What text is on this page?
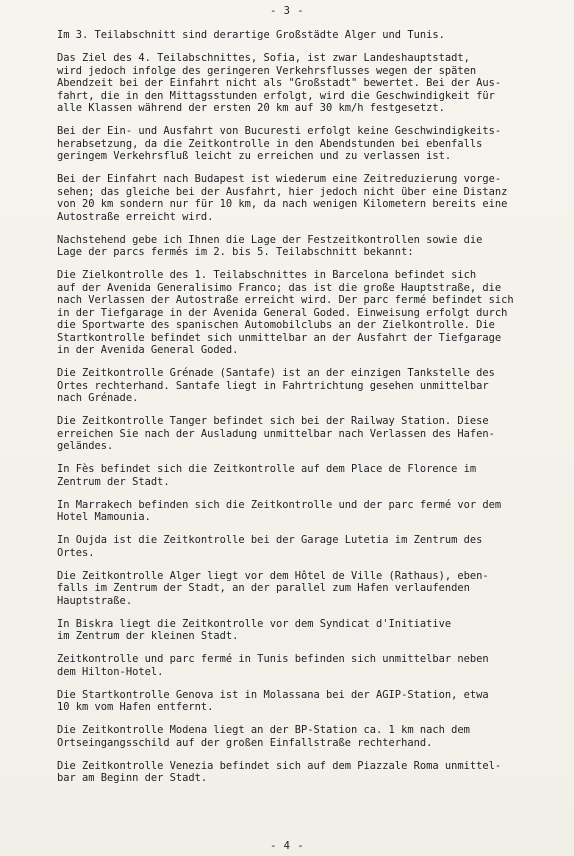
- 3 -

Im 3. Teilabschnitt sind derartige Großstädte Alger und Tunis.

Das Ziel des 4. Teilabschnittes, Sofia, ist zwar Landeshauptstadt,
wird jedoch infolge des geringeren Verkehrsflusses wegen der späten
Abendzeit bei der Einfahrt nicht als "Großstadt" bewertet. Bei der Aus-
fahrt, die in den Mittagsstunden erfolgt, wird die Geschwindigkeit für
alle Klassen während der ersten 20 km auf 30 km/h festgesetzt.

Bei der Ein- und Ausfahrt von Bucuresti erfolgt keine Geschwindigkeits-
herabsetzung, da die Zeitkontrolle in den Abendstunden bei ebenfalls
geringem Verkehrsfluß leicht zu erreichen und zu verlassen ist.

Bei der Einfahrt nach Budapest ist wiederum eine Zeitreduzierung vorge-
sehen; das gleiche bei der Ausfahrt, hier jedoch nicht über eine Distanz
von 20 km sondern nur für 10 km, da nach wenigen Kilometern bereits eine
Autostraße erreicht wird.

Nachstehend gebe ich Ihnen die Lage der Festzeitkontrollen sowie die
Lage der parcs fermés im 2. bis 5. Teilabschnitt bekannt:

Die Zielkontrolle des 1. Teilabschnittes in Barcelona befindet sich
auf der Avenida Generalisimo Franco; das ist die große Hauptstraße, die
nach Verlassen der Autostraße erreicht wird. Der parc fermé befindet sich
in der Tiefgarage in der Avenida General Goded. Einweisung erfolgt durch
die Sportwarte des spanischen Automobilclubs an der Zielkontrolle. Die
Startkontrolle befindet sich unmittelbar an der Ausfahrt der Tiefgarage
in der Avenida General Goded.

Die Zeitkontrolle Grénade (Santafe) ist an der einzigen Tankstelle des
Ortes rechterhand. Santafe liegt in Fahrtrichtung gesehen unmittelbar
nach Grénade.

Die Zeitkontrolle Tanger befindet sich bei der Railway Station. Diese
erreichen Sie nach der Ausladung unmittelbar nach Verlassen des Hafen-
geländes.

In Fès befindet sich die Zeitkontrolle auf dem Place de Florence im
Zentrum der Stadt.

In Marrakech befinden sich die Zeitkontrolle und der parc fermé vor dem
Hotel Mamounia.

In Oujda ist die Zeitkontrolle bei der Garage Lutetia im Zentrum des
Ortes.

Die Zeitkontrolle Alger liegt vor dem Hôtel de Ville (Rathaus), eben-
falls im Zentrum der Stadt, an der parallel zum Hafen verlaufenden
Hauptstraße.

In Biskra liegt die Zeitkontrolle vor dem Syndicat d'Initiative
im Zentrum der kleinen Stadt.

Zeitkontrolle und parc fermé in Tunis befinden sich unmittelbar neben
dem Hilton-Hotel.

Die Startkontrolle Genova ist in Molassana bei der AGIP-Station, etwa
10 km vom Hafen entfernt.

Die Zeitkontrolle Modena liegt an der BP-Station ca. 1 km nach dem
Ortseingangsschild auf der großen Einfallstraße rechterhand.

Die Zeitkontrolle Venezia befindet sich auf dem Piazzale Roma unmittel-
bar am Beginn der Stadt.

- 4 -
